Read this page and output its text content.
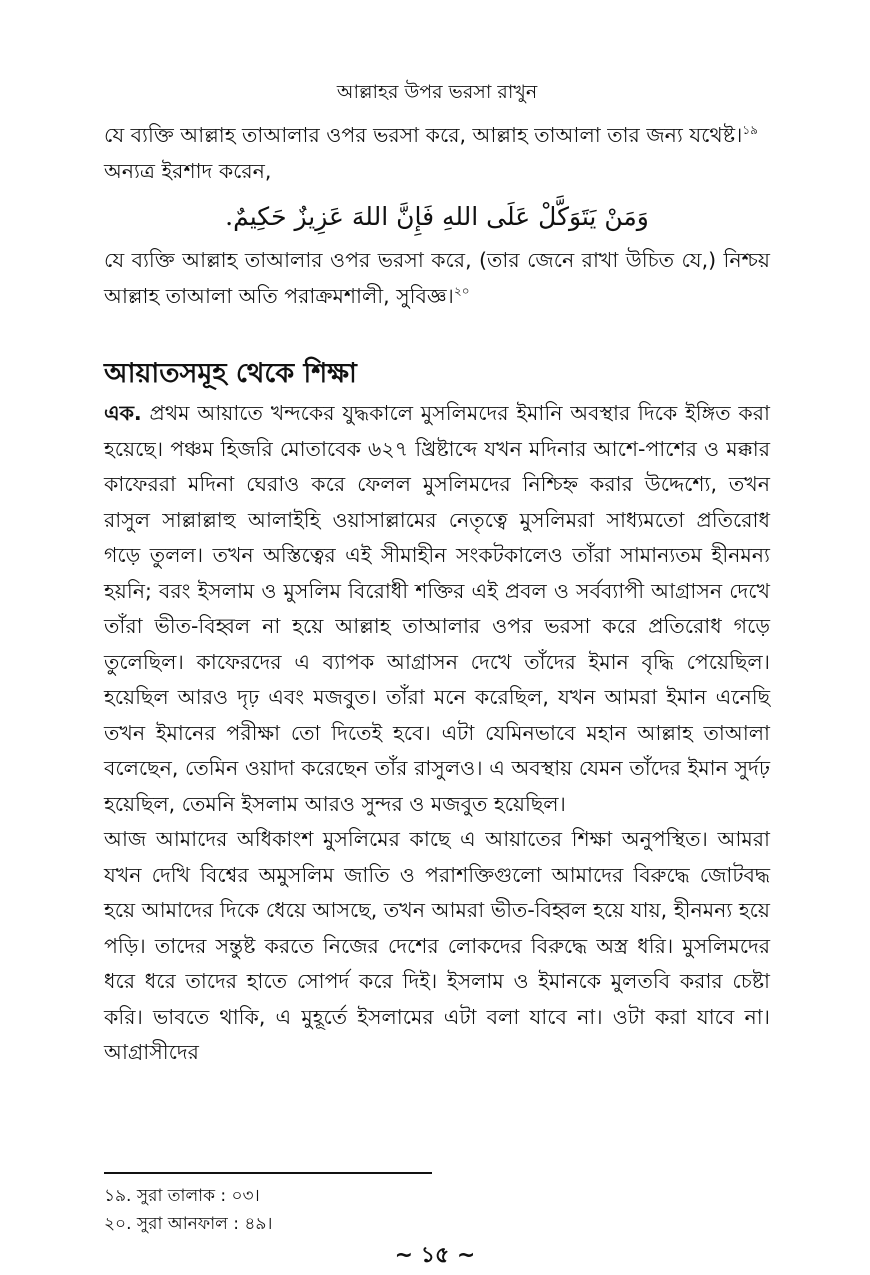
আল্লাহর উপর ভরসা রাখুন

যে ব্যক্তি আল্লাহ তাআলার ওপর ভরসা করে, আল্লাহ তাআলা তার জন্য যথেষ্ট।$^{১৯}$

অন্যত্র ইরশাদ করেন,

وَمَنْ يَتَوَكَّلْ عَلَى اللهِ فَإِنَّ اللهَ عَزِيزٌ حَكِيمٌ.

যে ব্যক্তি আল্লাহ তাআলার ওপর ভরসা করে, (তার জেনে রাখা উচিত যে,) নিশ্চয় আল্লাহ তাআলা অতি পরাক্রমশালী, সুবিজ্ঞ।$^{২০}$

আয়াতসমূহ থেকে শিক্ষা

এক. প্রথম আয়াতে খন্দকের যুদ্ধকালে মুসলিমদের ইমানি অবস্থার দিকে ইঙ্গিত করা হয়েছে। পঞ্চম হিজরি মোতাবেক ৬২৭ খ্রিষ্টাব্দে যখন মদিনার আশে-পাশের ও মক্কার কাফেররা মদিনা ঘেরাও করে ফেলল মুসলিমদের নিশ্চিহ্ন করার উদ্দেশ্যে, তখন রাসুল সাল্লাল্লাহু আলাইহি ওয়াসাল্লামের নেতৃত্বে মুসলিমরা সাধ্যমতো প্রতিরোধ গড়ে তুলল। তখন অস্তিত্বের এই সীমাহীন সংকটকালেও তাঁরা সামান্যতম হীনমন্য হয়নি; বরং ইসলাম ও মুসলিম বিরোধী শক্তির এই প্রবল ও সর্বব্যাপী আগ্রাসন দেখে তাঁরা ভীত-বিহ্বল না হয়ে আল্লাহ তাআলার ওপর ভরসা করে প্রতিরোধ গড়ে তুলেছিল। কাফেরদের এ ব্যাপক আগ্রাসন দেখে তাঁদের ইমান বৃদ্ধি পেয়েছিল। হয়েছিল আরও দৃঢ় এবং মজবুত। তাঁরা মনে করেছিল, যখন আমরা ইমান এনেছি তখন ইমানের পরীক্ষা তো দিতেই হবে। এটা যেমিনভাবে মহান আল্লাহ তাআলা বলেছেন, তেমিন ওয়াদা করেছেন তাঁর রাসুলও। এ অবস্থায় যেমন তাঁদের ইমান সুর্দঢ় হয়েছিল, তেমনি ইসলাম আরও সুন্দর ও মজবুত হয়েছিল।

আজ আমাদের অধিকাংশ মুসলিমের কাছে এ আয়াতের শিক্ষা অনুপস্থিত। আমরা যখন দেখি বিশ্বের অমুসলিম জাতি ও পরাশক্তিগুলো আমাদের বিরুদ্ধে জোটবদ্ধ হয়ে আমাদের দিকে ধেয়ে আসছে, তখন আমরা ভীত-বিহ্বল হয়ে যায়, হীনমন্য হয়ে পড়ি। তাদের সন্তুষ্ট করতে নিজের দেশের লোকদের বিরুদ্ধে অস্ত্র ধরি। মুসলিমদের ধরে ধরে তাদের হাতে সোপর্দ করে দিই। ইসলাম ও ইমানকে মুলতবি করার চেষ্টা করি। ভাবতে থাকি, এ মুহূর্তে ইসলামের এটা বলা যাবে না। ওটা করা যাবে না। আগ্রাসীদের

১৯. সুরা তালাক : ০৩।
২০. সুরা আনফাল : ৪৯।
~ ১৫ ~
